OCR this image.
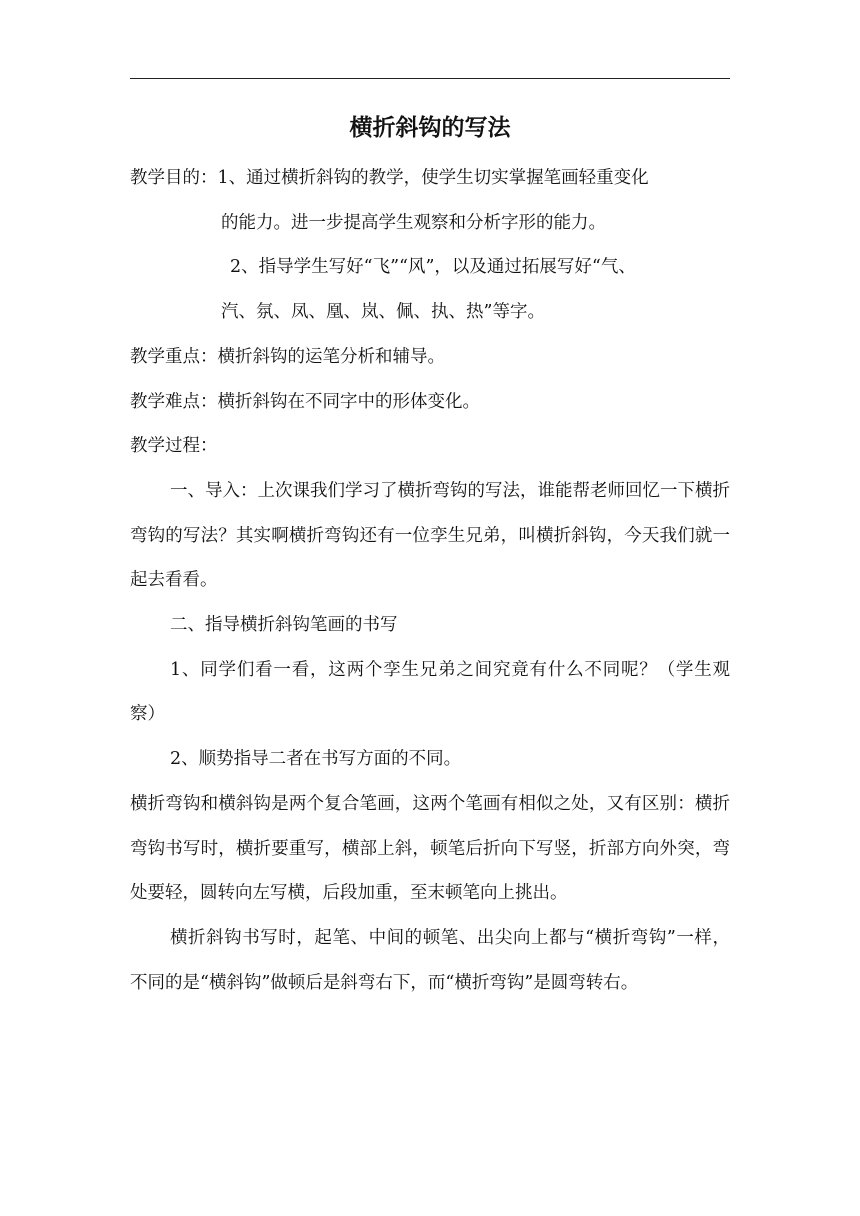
横折斜钩的写法

教学目的：1、通过横折斜钩的教学，使学生切实掌握笔画轻重变化

的能力。进一步提高学生观察和分析字形的能力。

2、指导学生写好“飞”“风”，以及通过拓展写好“气、

汽、氛、凤、凰、岚、佩、执、热”等字。

教学重点：横折斜钩的运笔分析和辅导。

教学难点：横折斜钩在不同字中的形体变化。

教学过程：

一、导入：上次课我们学习了横折弯钩的写法，谁能帮老师回忆一下横折弯钩的写法？其实啊横折弯钩还有一位孪生兄弟，叫横折斜钩，今天我们就一起去看看。

二、指导横折斜钩笔画的书写

1、同学们看一看，这两个孪生兄弟之间究竟有什么不同呢？（学生观察）

2、顺势指导二者在书写方面的不同。

横折弯钩和横斜钩是两个复合笔画，这两个笔画有相似之处，又有区别：横折弯钩书写时，横折要重写，横部上斜，顿笔后折向下写竖，折部方向外突，弯处要轻，圆转向左写横，后段加重，至末顿笔向上挑出。

横折斜钩书写时，起笔、中间的顿笔、出尖向上都与“横折弯钩”一样，不同的是“横斜钩”做顿后是斜弯右下，而“横折弯钩”是圆弯转右。
